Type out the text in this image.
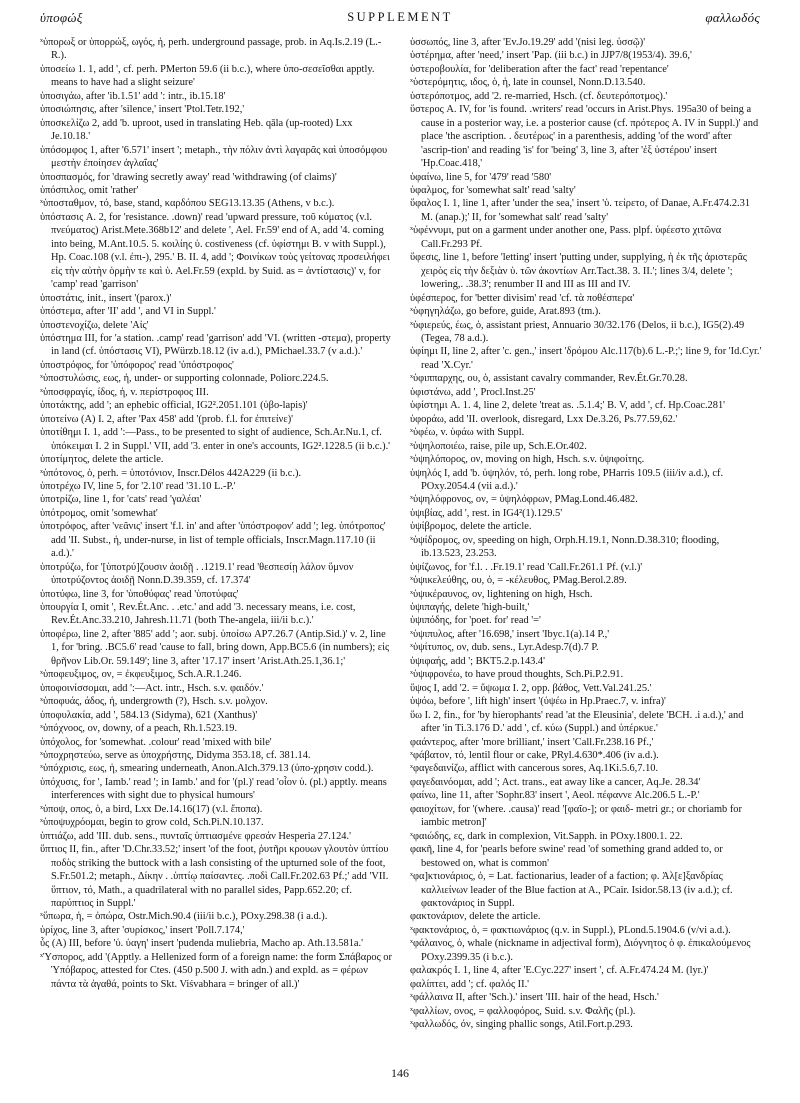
ὑποφώξ	SUPPLEMENT	φαλλωδός

ˣὑπορωξ or ὑπορρώξ, ωγός, ἡ, perh. underground passage, prob. in Aq.Is.2.19 (L.-R.).

ὑποσείω 1. 1, add ', cf. perh. PMerton 59.6 (ii b.c.), where ὑπο-σεσεῖσθαι apptly. means to have had a slight seizure'

ὑποσιγάω, after 'ib.1.51' add ': intr., ib.15.18'

ὑποσιώπησις, after 'silence,' insert 'Ptol.Tetr.192,'

ὑποσκελίζω 2, add 'b. uproot, used in translating Heb. qāla (up-rooted) Lxx Je.10.18.'

ὑπόσομφος 1, after '6.571' insert '; metaph., τὴν πόλιν ἀντὶ λαγαρᾶς καὶ ὑποσόμφου μεστὴν ἐποίησεν ἀγλαΐας'

ὑποσπασμός, for 'drawing secretly away' read 'withdrawing (of claims)'

ὑπόσπιλος, omit 'rather'

ˣὑποσταθμον, τό, base, stand, καρδόπου SEG13.13.35 (Athens, v b.c.).

ὑπόστασις A. 2, for 'resistance. .down)' read 'upward pressure, τοῦ κύματος (v.l. πνεύματος) Arist.Mete.368b12' and delete ', Ael. Fr.59' end of A, add '4. coming into being, M.Ant.10.5. 5. κοιλίης ὑ. costiveness (cf. ὑφίστημι B. v with Suppl.), Hp. Coac.108 (v.l. ἐπι-), 295.' B. II. 4, add '; Φοινίκων τοὺς γείτονας προσειλήφει εἰς τὴν αὐτὴν ὁρμὴν τε καὶ ὑ. Ael.Fr.59 (expld. by Suid. as = ἀντίστασις)' v, for 'camp' read 'garrison'

ὑποστάτις, init., insert '(parox.)'

ὑπόστεμα, after 'II' add ', and VI in Suppl.'

ὑποστενοχίζω, delete 'Αἰς'

ὑπόστημα III, for 'a station. .camp' read 'garrison' add 'VI. (written -στεμα), property in land (cf. ὑπόστασις VI), PWürzb.18.12 (iv a.d.), PMichael.33.7 (v a.d.).'

ὑποστρόφος, for 'ὑπόφορος' read 'ὑπόστροφος'

ˣὑποστυλώσις, εως, ἡ, under- or supporting colonnade, Poliorc.224.5.

ˣὑποσφραγίς, ίδος, ἡ, v. περίστροφος III.

ὑποτάκτης, add '; an ephebic official, IG2².2051.101 (ὑβο-lapis)'

ὑποτείνω (A) I. 2, after 'Pax 458' add '(prob. f.l. for ἐπιτείνε)'

ὑποτίθημι I. 1, add ':—Pass., to be presented to sight of audience, Sch.Ar.Nu.1, cf. ὑπόκειμαι I. 2 in Suppl.' VII, add '3. enter in one's accounts, IG2².1228.5 (ii b.c.).'

ὑποτίμητος, delete the article.

ˣὑπότονος, ὁ, perh. = ὑποτόνιον, Inscr.Délos 442A229 (ii b.c.).

ὑποτρέχω IV, line 5, for '2.10' read '31.10 L.-P.'

ὑποτρίζω, line 1, for 'cats' read 'γαλέαι'

ὑπότρομος, omit 'somewhat'

ὑποτρόφος, after 'νεᾶνις' insert 'f.l. in' and after 'ὑπόστροφον' add '; leg. ὑπότροπος' add 'II. Subst., ἡ, under-nurse, in list of temple officials, Inscr.Magn.117.10 (ii a.d.).'

ὑποτρύζω, for '[ὑποτρύ]ζουσιν ἀοιδῇ . .1219.1' read 'θεσπεσίῃ λάλον ὕμνον ὑποτρύζοντος ἀοιδῇ Nonn.D.39.359, cf. 17.374'

ὑποτύφω, line 3, for 'ὑποθύφας' read 'ὑποτύφας'

ὑπουργία I, omit ', Rev.Ét.Anc. . .etc.' and add '3. necessary means, i.e. cost, Rev.Ét.Anc.33.210, Jahresh.11.71 (both The-angela, iii/ii b.c.).'

ὑποφέρω, line 2, after '885' add '; aor. subj. ὑποίσω AP7.26.7 (Antip.Sid.)' v. 2, line 1, for 'bring. .BC5.6' read 'cause to fall, bring down, App.BC5.6 (in numbers); εἰς θρῆνον Lib.Or. 59.149'; line 3, after '17.17' insert 'Arist.Ath.25.1,36.1;'

ˣὑποφευξιμος, ον, = ἐκφευξιμος, Sch.A.R.1.246.

ὑποφοινίσσομαι, add ':—Act. intr., Hsch. s.v. φαιδόν.'

ˣὑποφυάς, άδος, ἡ, undergrowth (?), Hsch. s.v. μολχον.

ὑποφυλακία, add ', 584.13 (Sidyma), 621 (Xanthus)'

ˣὑπόχνοος, ον, downy, of a peach, Rh.1.523.19.

ὑπόχολος, for 'somewhat. .colour' read 'mixed with bile'

ˣὑποχρηστεύω, serve as ὑποχρήστης, Didyma 353.18, cf. 381.14.

ˣὑπόχρισις, εως, ἡ, smearing underneath, Anon.Alch.379.13 (ὑπο-χρησιν codd.).

ὑπόχυσις, for ', Iamb.' read '; in Iamb.' and for '(pl.)' read 'οἷον ὑ. (pl.) apptly. means interferences with sight due to physical humours'

ˣὑποψ, οπος, ὁ, a bird, Lxx De.14.16(17) (v.l. ἔποπα).

ˣὑποψυχρόομαι, begin to grow cold, Sch.Pi.N.10.137.

ὑπτιάζω, add 'III. dub. sens., πυνταῖς ὑπτιασμένε φρεσάν Hesperia 27.124.'

ὕπτιος II, fin., after 'D.Chr.33.52;' insert 'of the foot, ῥυτῆρι κρουων γλουτὸν ὑπτίου ποδὸς striking the buttock with a lash consisting of the upturned sole of the foot, S.Fr.501.2; metaph., Δίκην . .ὑπτίῳ παίσαντες. .ποδὶ Call.Fr.202.63 Pf.;' add 'VII. ὕπτιον, τό, Math., a quadrilateral with no parallel sides, Papp.652.20; cf. παρύπτιος in Suppl.'

ˣὕπωρα, ἡ, = ὀπώρα, Ostr.Mich.90.4 (iii/ii b.c.), POxy.298.38 (i a.d.).

ὑρίχος, line 3, after 'συρίσκος,' insert 'Poll.7.174,'

ὗς (A) III, before 'ὑ. ὑαγη' insert 'pudenda muliebria, Macho ap. Ath.13.581a.'

ˣὙσπορος, add '(Apptly. a Hellenized form of a foreign name: the form Σπάβαρος or Ὑπόβαρος, attested for Ctes. (450 p.500 J. with adn.) and expld. as = φέρων πάντα τὰ ἀγαθά, points to Skt. Viśvabhara = bringer of all.)'

ὑσσωπός, line 3, after 'Ev.Jo.19.29' add '(nisi leg. ὑσσῷ)'

ὑστέρημα, after 'need,' insert 'Pap. (iii b.c.) in JJP7/8(1953/4). 39.6,'

ὑστεροβουλία, for 'deliberation after the fact' read 'repentance'

ˣὑστερόμητις, ιδος, ὁ, ἡ, late in counsel, Nonn.D.13.540.

ὑστερόποτμος, add '2. re-married, Hsch. (cf. δευτερόποτμος).'

ὕστερος A. IV, for 'is found. .writers' read 'occurs in Arist.Phys. 195a30 of being a cause in a posterior way, i.e. a posterior cause (cf. πρότερος A. IV in Suppl.)' and place 'the ascription. . δευτέρως' in a parenthesis, adding 'of the word' after 'ascrip-tion' and reading 'is' for 'being' 3, line 3, after 'ἐξ ὑστέρου' insert 'Hp.Coac.418,'

ὑφαίνω, line 5, for '479' read '580'

ὑφαλμος, for 'somewhat salt' read 'salty'

ὕφαλος I. 1, line 1, after 'under the sea,' insert 'ὑ. τείρετο, of Danae, A.Fr.474.2.31 M. (anap.);' II, for 'somewhat salt' read 'salty'

ˣὑφέννυμι, put on a garment under another one, Pass. plpf. ὑφέεστο χιτῶνα Call.Fr.293 Pf.

ὕφεσις, line 1, before 'letting' insert 'putting under, supplying, ἡ ἐκ τῆς ἀριστερᾶς χειρὸς εἰς τὴν δεξιὰν ὑ. τῶν ἀκοντίων Arr.Tact.38. 3. II.'; lines 3/4, delete '; lowering,. .38.3'; renumber II and III as III and IV.

ὑφέσπερος, for 'better divisim' read 'cf. τὰ ποθέσπερα'

ˣὑφηγηλάζω, go before, guide, Arat.893 (tm.).

ˣὑφιερεύς, έως, ὁ, assistant priest, Annuario 30/32.176 (Delos, ii b.c.), IG5(2).49 (Tegea, 78 a.d.).

ὑφίημι II, line 2, after 'c. gen.,' insert 'δρόμου Alc.117(b).6 L.-P.;'; line 9, for 'Id.Cyr.' read 'X.Cyr.'

ˣὑφιππαρχης, ου, ὁ, assistant cavalry commander, Rev.Ét.Gr.70.28.

ὑφιστάνω, add ', Procl.Inst.25'

ὑφίστημι A. 1. 4, line 2, delete 'treat as. .5.1.4;' B. V, add ', cf. Hp.Coac.281'

ὑφοράω, add 'II. overlook, disregard, Lxx De.3.26, Ps.77.59,62.'

ˣὑφέω, v. ὑφάω with Suppl.

ˣὑψηλοποιέω, raise, pile up, Sch.E.Or.402.

ˣὑψηλόπορος, ον, moving on high, Hsch. s.v. ὑψιφοίτης.

ὑψηλός I, add 'b. ὑψηλόν, τό, perh. long robe, PHarris 109.5 (iii/iv a.d.), cf. POxy.2054.4 (vii a.d.).'

ˣὑψηλόφρονος, ον, = ὑψηλόφρων, PMag.Lond.46.482.

ὑψιβίας, add ', rest. in IG4²(1).129.5'

ὑψίβρομος, delete the article.

ˣὑψίδρομος, ον, speeding on high, Orph.H.19.1, Nonn.D.38.310; flooding, ib.13.523, 23.253.

ὑψίζωνος, for 'f.l. . .Fr.19.1' read 'Call.Fr.261.1 Pf. (v.l.)'

ˣὑψικελεύθης, ου, ὁ, = -κέλευθος, PMag.Berol.2.89.

ˣὑψικέραυνος, ον, lightening on high, Hsch.

ὑψιπαγής, delete 'high-built,'

ὑψιπόδης, for 'poet. for' read '='

ˣὑψιπυλος, after '16.698,' insert 'Ibyc.1(a).14 P.,'

ˣὑψίτυπος, ον, dub. sens., Lyr.Adesp.7(d).7 P.

ὑψιφαής, add '; BKT5.2.p.143.4'

ˣὑψιφρονέω, to have proud thoughts, Sch.Pi.P.2.91.

ὕψος I, add '2. = ὕψωμα I. 2, opp. βάθος, Vett.Val.241.25.'

ὑψόω, before ', lift high' insert '(ὑψέω in Hp.Praec.7, v. infra)'

ὕω I. 2, fin., for 'by hierophants' read 'at the Eleusinia', delete 'BCH. .i a.d.),' and after 'in Ti.3.176 D.' add ', cf. κύω (Suppl.) and ὑπέρκυε.'

φαάντερος, after 'more brilliant,' insert 'Call.Fr.238.16 Pf.,'

ˣφάβατον, τό, lentil flour or cake, PRyl.4.630*.406 (iv a.d.).

ˣφαγεδαινίζω, afflict with cancerous sores, Aq.1Ki.5.6,7.10.

φαγεδαινόομαι, add '; Act. trans., eat away like a cancer, Aq.Je. 28.34'

φαίνω, line 11, after 'Sophr.83' insert ', Aeol. πέφαννε Alc.206.5 L.-P.'

φαιοχίτων, for '(where. .causa)' read '[φαῖο-]; or φαιδ- metri gr.; or choriamb for iambic metron]'

ˣφαιώδης, ες, dark in complexion, Vit.Sapph. in POxy.1800.1. 22.

φακῆ, line 4, for 'pearls before swine' read 'of something grand added to, or bestowed on, what is common'

ˣφα]κτιονάριος, ὁ, = Lat. factionarius, leader of a faction; φ. Ἀλ[ε]ξανδρίας καλλιείνων leader of the Blue faction at A., PCair. Isidor.58.13 (iv a.d.); cf. φακτονάριος in Suppl.

φακτονάριον, delete the article.

ˣφακτονάριος, ὁ, = φακτιωνάριος (q.v. in Suppl.), PLond.5.1904.6 (v/vi a.d.).

ˣφάλαινος, ὁ, whale (nickname in adjectival form), Διόγνητος ὁ φ. ἐπικαλούμενος POxy.2399.35 (i b.c.).

φαλακρός I. 1, line 4, after 'E.Cyc.227' insert ', cf. A.Fr.474.24 M. (lyr.)'

φαλίπτει, add '; cf. φαλός II.'

ˣφάλλαινα II, after 'Sch.).' insert 'III. hair of the head, Hsch.'

ˣφαλλίων, ονος, = φαλλοφόρος, Suid. s.v. Φαλῆς (pl.).

ˣφαλλωδός, όν, singing phallic songs, Atil.Fort.p.293.

146
